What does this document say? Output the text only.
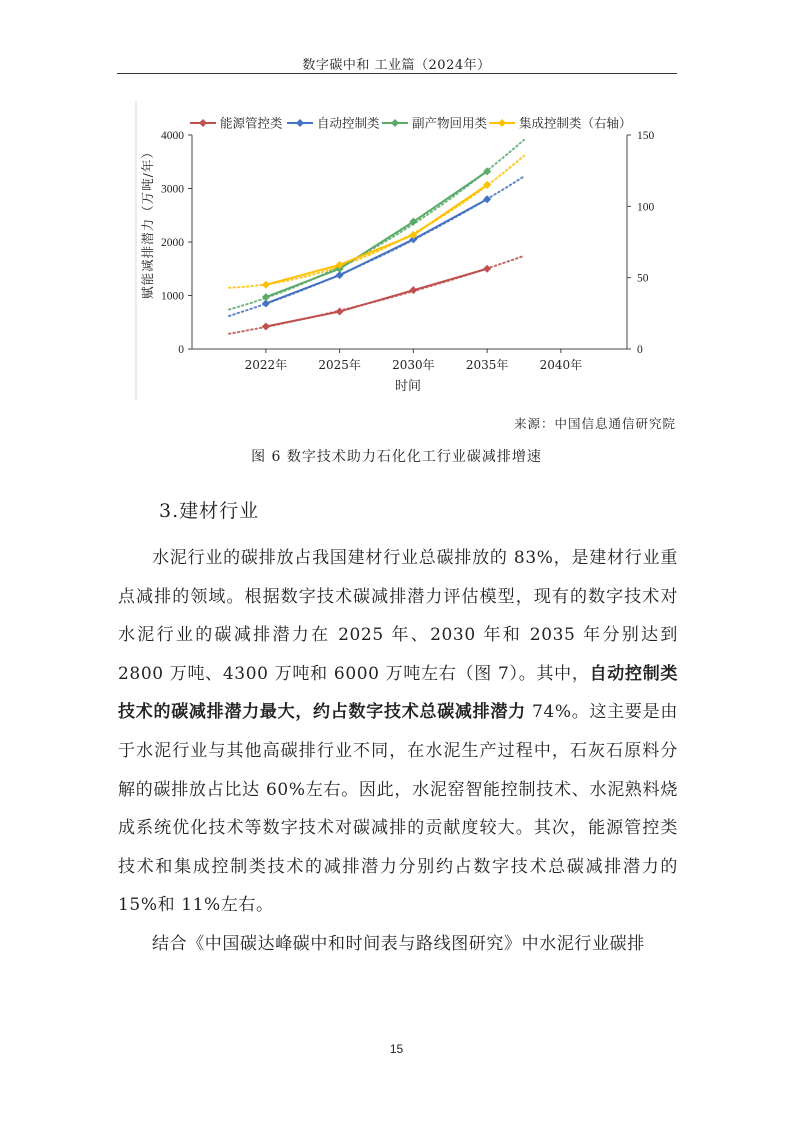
数字碳中和 工业篇（2024年）
能源管控类	自动控制类	副产物回用类	集成控制类（右轴）
赋能减排潜力（万吨/年）
时间
0
1000
2000
3000
4000
0
50
100
150
2022年	2025年	2030年	2035年	2040年
来源：中国信息通信研究院
图 6 数字技术助力石化化工行业碳减排增速
3.建材行业

水泥行业的碳排放占我国建材行业总碳排放的 83%，是建材行业重点减排的领域。根据数字技术碳减排潜力评估模型，现有的数字技术对水泥行业的碳减排潜力在 2025 年、2030 年和 2035 年分别达到 2800 万吨、4300 万吨和 6000 万吨左右（图 7）。其中，自动控制类技术的碳减排潜力最大，约占数字技术总碳减排潜力 74%。这主要是由于水泥行业与其他高碳排行业不同，在水泥生产过程中，石灰石原料分解的碳排放占比达 60%左右。因此，水泥窑智能控制技术、水泥熟料烧成系统优化技术等数字技术对碳减排的贡献度较大。其次，能源管控类技术和集成控制类技术的减排潜力分别约占数字技术总碳减排潜力的 15%和 11%左右。

结合《中国碳达峰碳中和时间表与路线图研究》中水泥行业碳排

15
